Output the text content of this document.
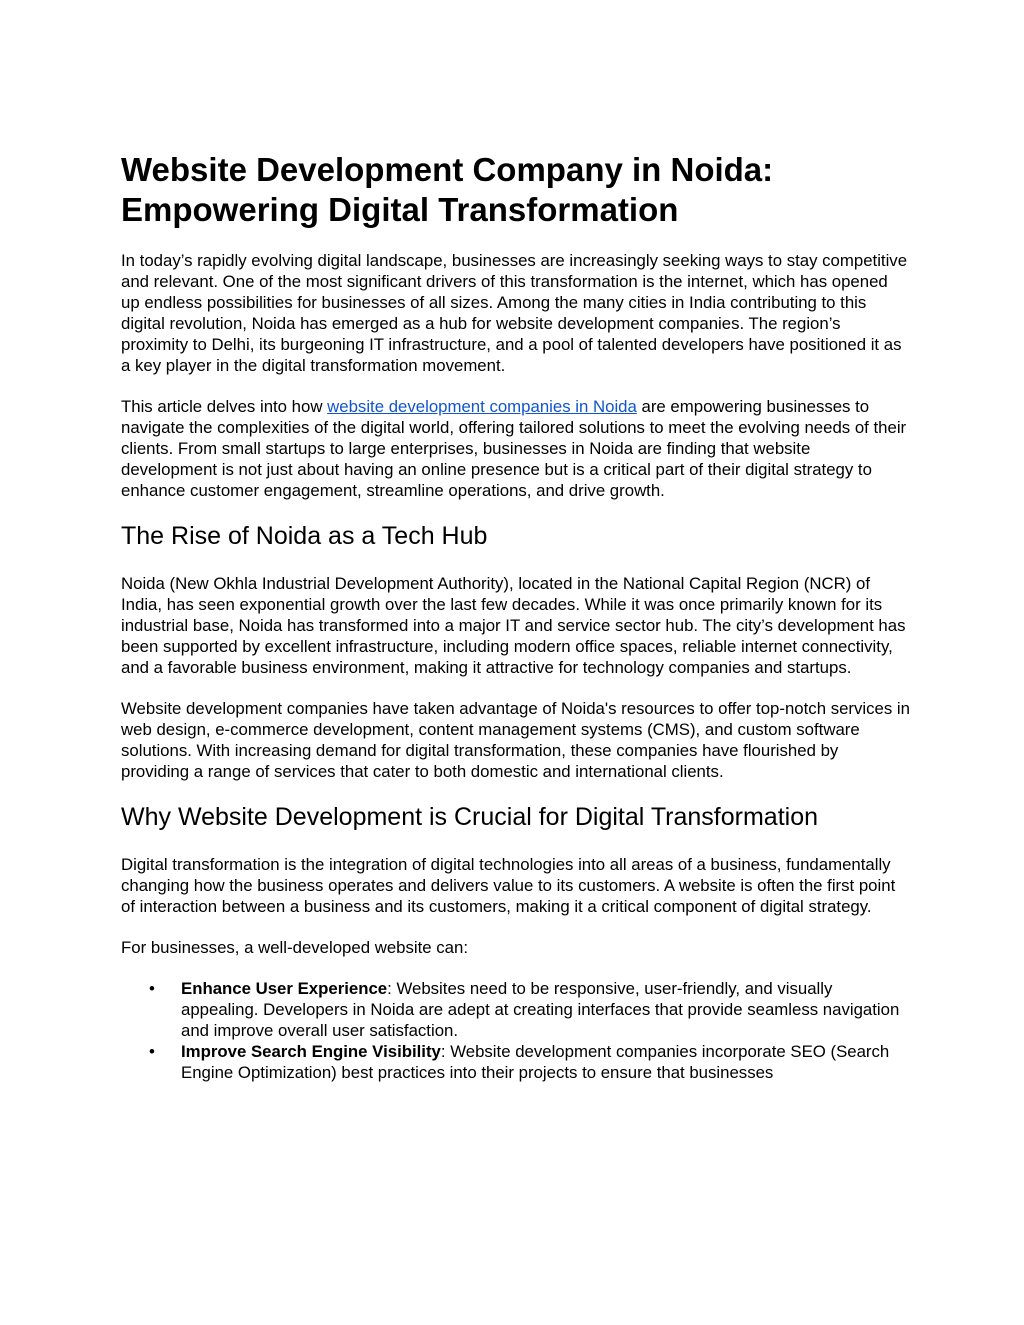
Website Development Company in Noida: Empowering Digital Transformation

In today’s rapidly evolving digital landscape, businesses are increasingly seeking ways to stay competitive and relevant. One of the most significant drivers of this transformation is the internet, which has opened up endless possibilities for businesses of all sizes. Among the many cities in India contributing to this digital revolution, Noida has emerged as a hub for website development companies. The region’s proximity to Delhi, its burgeoning IT infrastructure, and a pool of talented developers have positioned it as a key player in the digital transformation movement.

This article delves into how website development companies in Noida are empowering businesses to navigate the complexities of the digital world, offering tailored solutions to meet the evolving needs of their clients. From small startups to large enterprises, businesses in Noida are finding that website development is not just about having an online presence but is a critical part of their digital strategy to enhance customer engagement, streamline operations, and drive growth.

The Rise of Noida as a Tech Hub

Noida (New Okhla Industrial Development Authority), located in the National Capital Region (NCR) of India, has seen exponential growth over the last few decades. While it was once primarily known for its industrial base, Noida has transformed into a major IT and service sector hub. The city’s development has been supported by excellent infrastructure, including modern office spaces, reliable internet connectivity, and a favorable business environment, making it attractive for technology companies and startups.

Website development companies have taken advantage of Noida's resources to offer top-notch services in web design, e-commerce development, content management systems (CMS), and custom software solutions. With increasing demand for digital transformation, these companies have flourished by providing a range of services that cater to both domestic and international clients.

Why Website Development is Crucial for Digital Transformation

Digital transformation is the integration of digital technologies into all areas of a business, fundamentally changing how the business operates and delivers value to its customers. A website is often the first point of interaction between a business and its customers, making it a critical component of digital strategy.

For businesses, a well-developed website can:

• Enhance User Experience: Websites need to be responsive, user-friendly, and visually appealing. Developers in Noida are adept at creating interfaces that provide seamless navigation and improve overall user satisfaction.
• Improve Search Engine Visibility: Website development companies incorporate SEO (Search Engine Optimization) best practices into their projects to ensure that businesses
